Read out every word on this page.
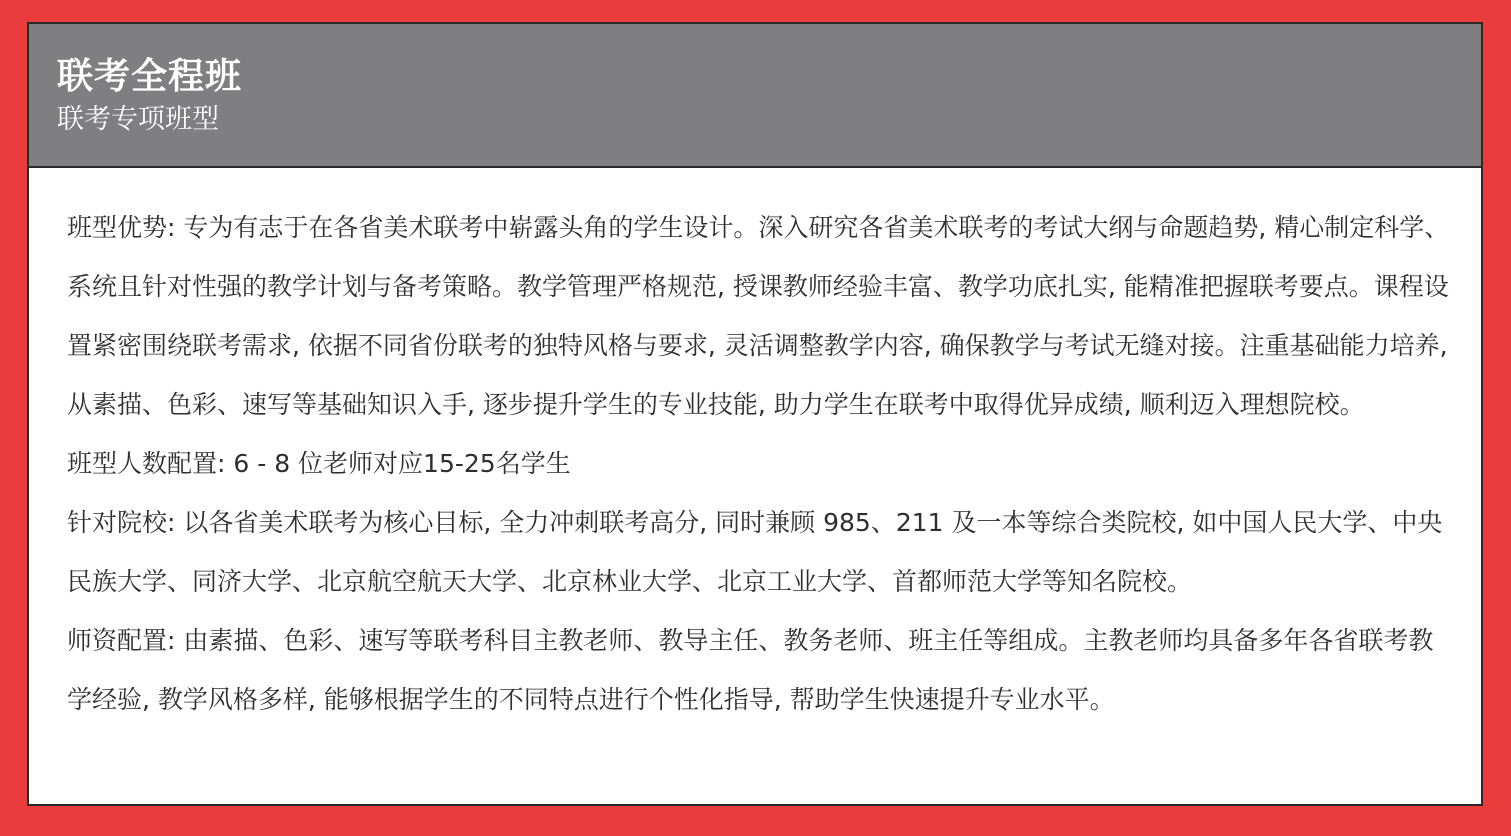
联考全程班
联考专项班型

班型优势: 专为有志于在各省美术联考中崭露头角的学生设计。深入研究各省美术联考的考试大纲与命题趋势, 精心制定科学、系统且针对性强的教学计划与备考策略。教学管理严格规范, 授课教师经验丰富、教学功底扎实, 能精准把握联考要点。课程设置紧密围绕联考需求, 依据不同省份联考的独特风格与要求, 灵活调整教学内容, 确保教学与考试无缝对接。注重基础能力培养, 从素描、色彩、速写等基础知识入手, 逐步提升学生的专业技能, 助力学生在联考中取得优异成绩, 顺利迈入理想院校。

班型人数配置: 6 - 8 位老师对应15-25名学生

针对院校: 以各省美术联考为核心目标, 全力冲刺联考高分, 同时兼顾 985、211 及一本等综合类院校, 如中国人民大学、中央民族大学、同济大学、北京航空航天大学、北京林业大学、北京工业大学、首都师范大学等知名院校。

师资配置: 由素描、色彩、速写等联考科目主教老师、教导主任、教务老师、班主任等组成。主教老师均具备多年各省联考教学经验, 教学风格多样, 能够根据学生的不同特点进行个性化指导, 帮助学生快速提升专业水平。
